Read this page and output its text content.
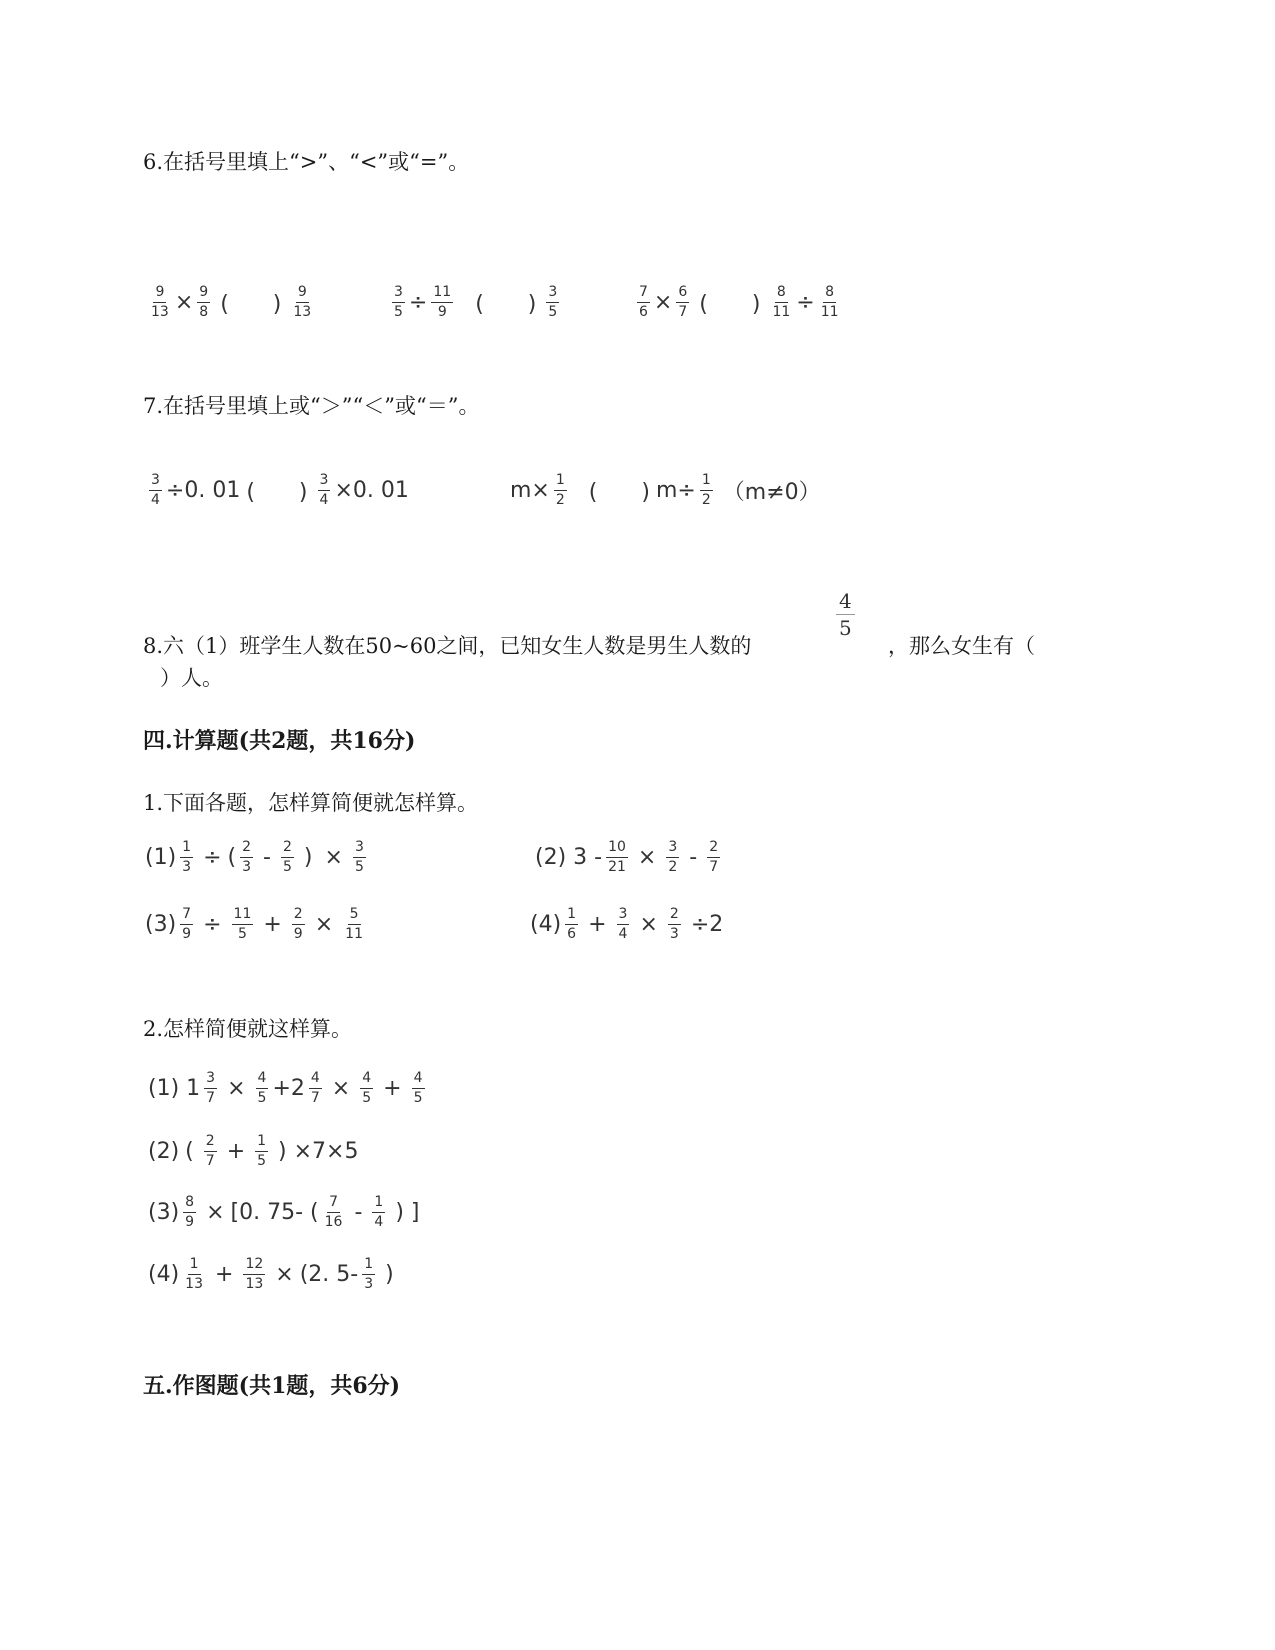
6.在括号里填上“>”、“<”或“=”。
$\frac{9}{13} \times \frac{9}{8}$ (　　) $\frac{9}{13}$	$\frac{3}{5} \div \frac{11}{9}$ (　　) $\frac{3}{5}$	$\frac{7}{6} \times \frac{6}{7}$ (　　) $\frac{8}{11} \div \frac{8}{11}$
7.在括号里填上或“＞”“＜”或“＝”。
$\frac{3}{4} \div 0$. 01 (　　) $\frac{3}{4} \times 0$. 01	$m\times \frac{1}{2}$ (　　) $m\div \frac{1}{2} (m\ne 0)$
8.六（1）班学生人数在50~60之间，已知女生人数是男生人数的
$\frac{4}{5}$
，那么女生有（
）人。
四.计算题(共2题，共16分)
1.下面各题，怎样算简便就怎样算。
$(1) \frac{1}{3}$ ÷ ( $\frac{2}{3} - \frac{2}{5}$ ) × $\frac{3}{5}$	(2) $3 - \frac{10}{21} \times \frac{3}{2} - \frac{2}{7}$
$(3) \frac{7}{9} \div \frac{11}{5} + \frac{2}{9} \times \frac{5}{11}$	$(4) \frac{1}{6} + \frac{3}{4} \times \frac{2}{3} \div 2$
2.怎样简便就这样算。
(1) $1 \frac{3}{7} \times \frac{4}{5} +2 \frac{4}{7} \times \frac{4}{5} + \frac{4}{5}$
(2) ( $\frac{2}{7} + \frac{1}{5}$ ) ×7×5
$(3) \frac{8}{9} \times [0$. 75- ( $\frac{7}{16} - \frac{1}{4}$ ) ]
$(4) \frac{1}{13} + \frac{12}{13} \times (2$. $5- \frac{1}{3}$ )
五.作图题(共1题，共6分)
